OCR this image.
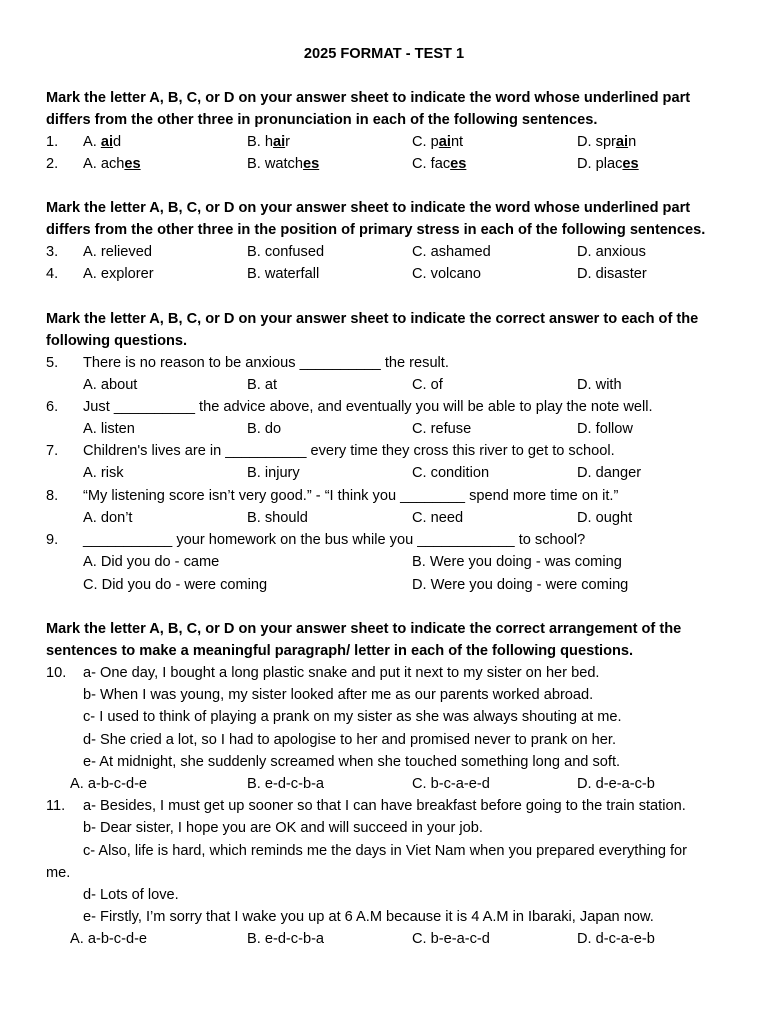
2025 FORMAT - TEST 1
Mark the letter A, B, C, or D on your answer sheet to indicate the word whose underlined part
differs from the other three in pronunciation in each of the following sentences.
1. A. aid	B. hair	C. paint	D. sprain
2. A. aches	B. watches	C. faces	D. places
Mark the letter A, B, C, or D on your answer sheet to indicate the word whose underlined part
differs from the other three in the position of primary stress in each of the following sentences.
3. A. relieved	B. confused	C. ashamed	D. anxious
4. A. explorer	B. waterfall	C. volcano	D. disaster
Mark the letter A, B, C, or D on your answer sheet to indicate the correct answer to each of the
following questions.
5. There is no reason to be anxious __________ the result.
A. about	B. at	C. of	D. with
6. Just __________ the advice above, and eventually you will be able to play the note well.
A. listen	B. do	C. refuse	D. follow
7. Children's lives are in __________ every time they cross this river to get to school.
A. risk	B. injury	C. condition	D. danger
8. “My listening score isn’t very good.” - “I think you ________ spend more time on it.”
A. don’t	B. should	C. need	D. ought
9. ___________ your homework on the bus while you ____________ to school?
A. Did you do - came	B. Were you doing - was coming
C. Did you do - were coming	D. Were you doing - were coming
Mark the letter A, B, C, or D on your answer sheet to indicate the correct arrangement of the
sentences to make a meaningful paragraph/ letter in each of the following questions.
10. a- One day, I bought a long plastic snake and put it next to my sister on her bed.
b- When I was young, my sister looked after me as our parents worked abroad.
c- I used to think of playing a prank on my sister as she was always shouting at me.
d- She cried a lot, so I had to apologise to her and promised never to prank on her.
e- At midnight, she suddenly screamed when she touched something long and soft.
A. a-b-c-d-e	B. e-d-c-b-a	C. b-c-a-e-d	D. d-e-a-c-b
11. a- Besides, I must get up sooner so that I can have breakfast before going to the train station.
b- Dear sister, I hope you are OK and will succeed in your job.
c- Also, life is hard, which reminds me the days in Viet Nam when you prepared everything for
me.
d- Lots of love.
e- Firstly, I’m sorry that I wake you up at 6 A.M because it is 4 A.M in Ibaraki, Japan now.
A. a-b-c-d-e	B. e-d-c-b-a	C. b-e-a-c-d	D. d-c-a-e-b
